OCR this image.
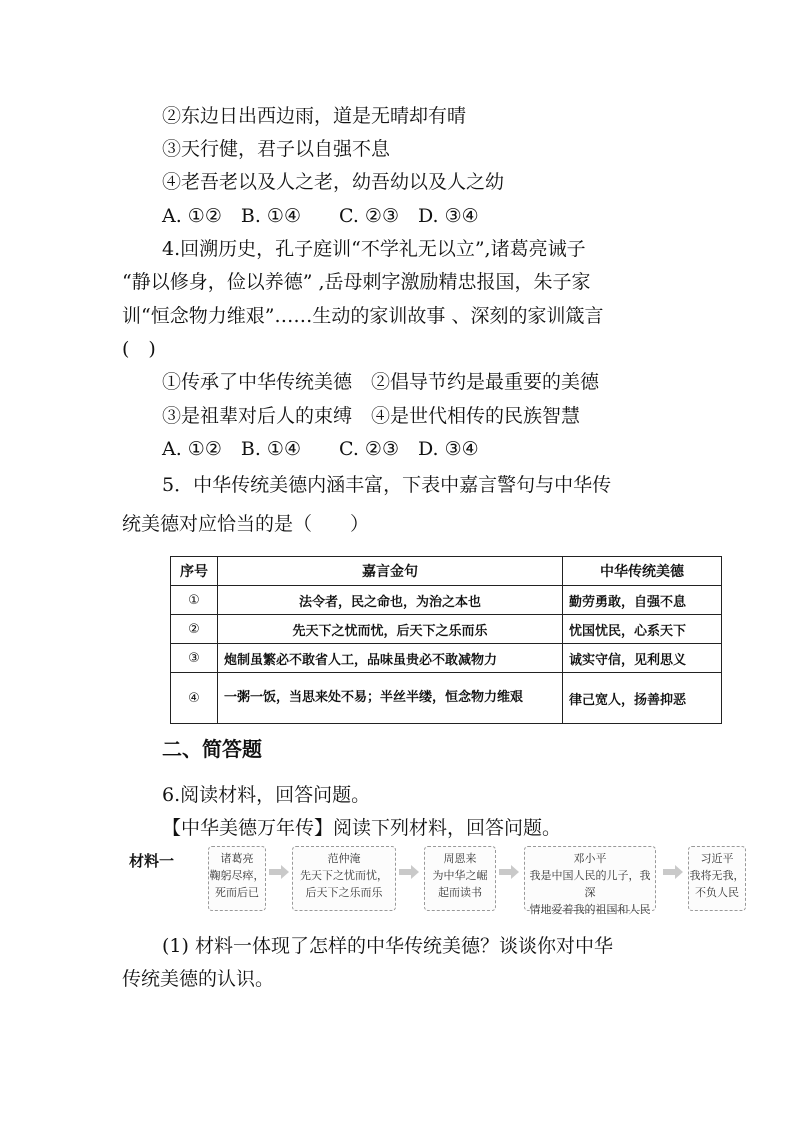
②东边日出西边雨，道是无晴却有晴
③天行健，君子以自强不息
④老吾老以及人之老，幼吾幼以及人之幼
A. ①②　B. ①④　　C. ②③　D. ③④
4.回溯历史，孔子庭训“不学礼无以立”,诸葛亮诫子
“静以修身，俭以养德” ,岳母刺字激励精忠报国，朱子家
训“恒念物力维艰”……生动的家训故事 、深刻的家训箴言
(　)
①传承了中华传统美德　②倡导节约是最重要的美德
③是祖辈对后人的束缚　④是世代相传的民族智慧
A. ①②　B. ①④　　C. ②③　D. ③④
5．中华传统美德内涵丰富，下表中嘉言警句与中华传
统美德对应恰当的是（　　）
序号	嘉言金句	中华传统美德
①	法令者，民之命也，为治之本也	勤劳勇敢，自强不息
②	先天下之忧而忧，后天下之乐而乐	忧国忧民，心系天下
③	炮制虽繁必不敢省人工，品味虽贵必不敢减物力	诚实守信，见利思义
④	一粥一饭，当思来处不易；半丝半缕，恒念物力维艰	律己宽人，扬善抑恶
二、简答题
6.阅读材料，回答问题。
【中华美德万年传】阅读下列材料，回答问题。
材料一	诸葛亮
鞠躬尽瘁，
死而后已
范仲淹
先天下之忧而忧，
后天下之乐而乐
周恩来
为中华之崛
起而读书
邓小平
我是中国人民的儿子，我深
情地爱着我的祖国和人民
习近平
我将无我，
不负人民
(1) 材料一体现了怎样的中华传统美德？谈谈你对中华
传统美德的认识。
